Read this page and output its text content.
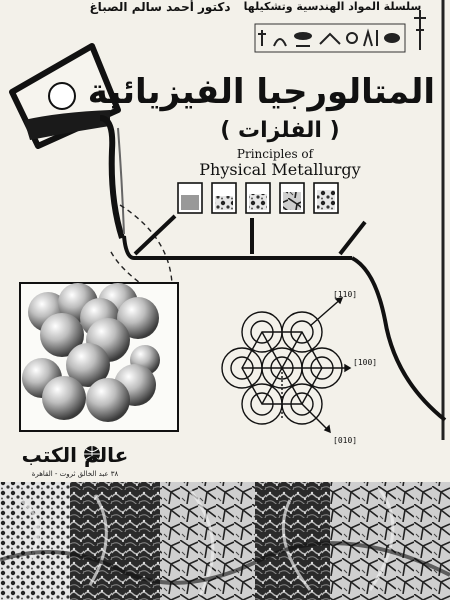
دكتور أحمد سالم الصباغ	سلسلة المواد الهندسية وتشكيلها
المتالورجيا الفيزيائية
( الفلزات )
Principles of
Physical Metallurgy
[110]
[100]
[010]
عالم الكتب
٣٨ عبد الخالق ثروت - القاهرة
